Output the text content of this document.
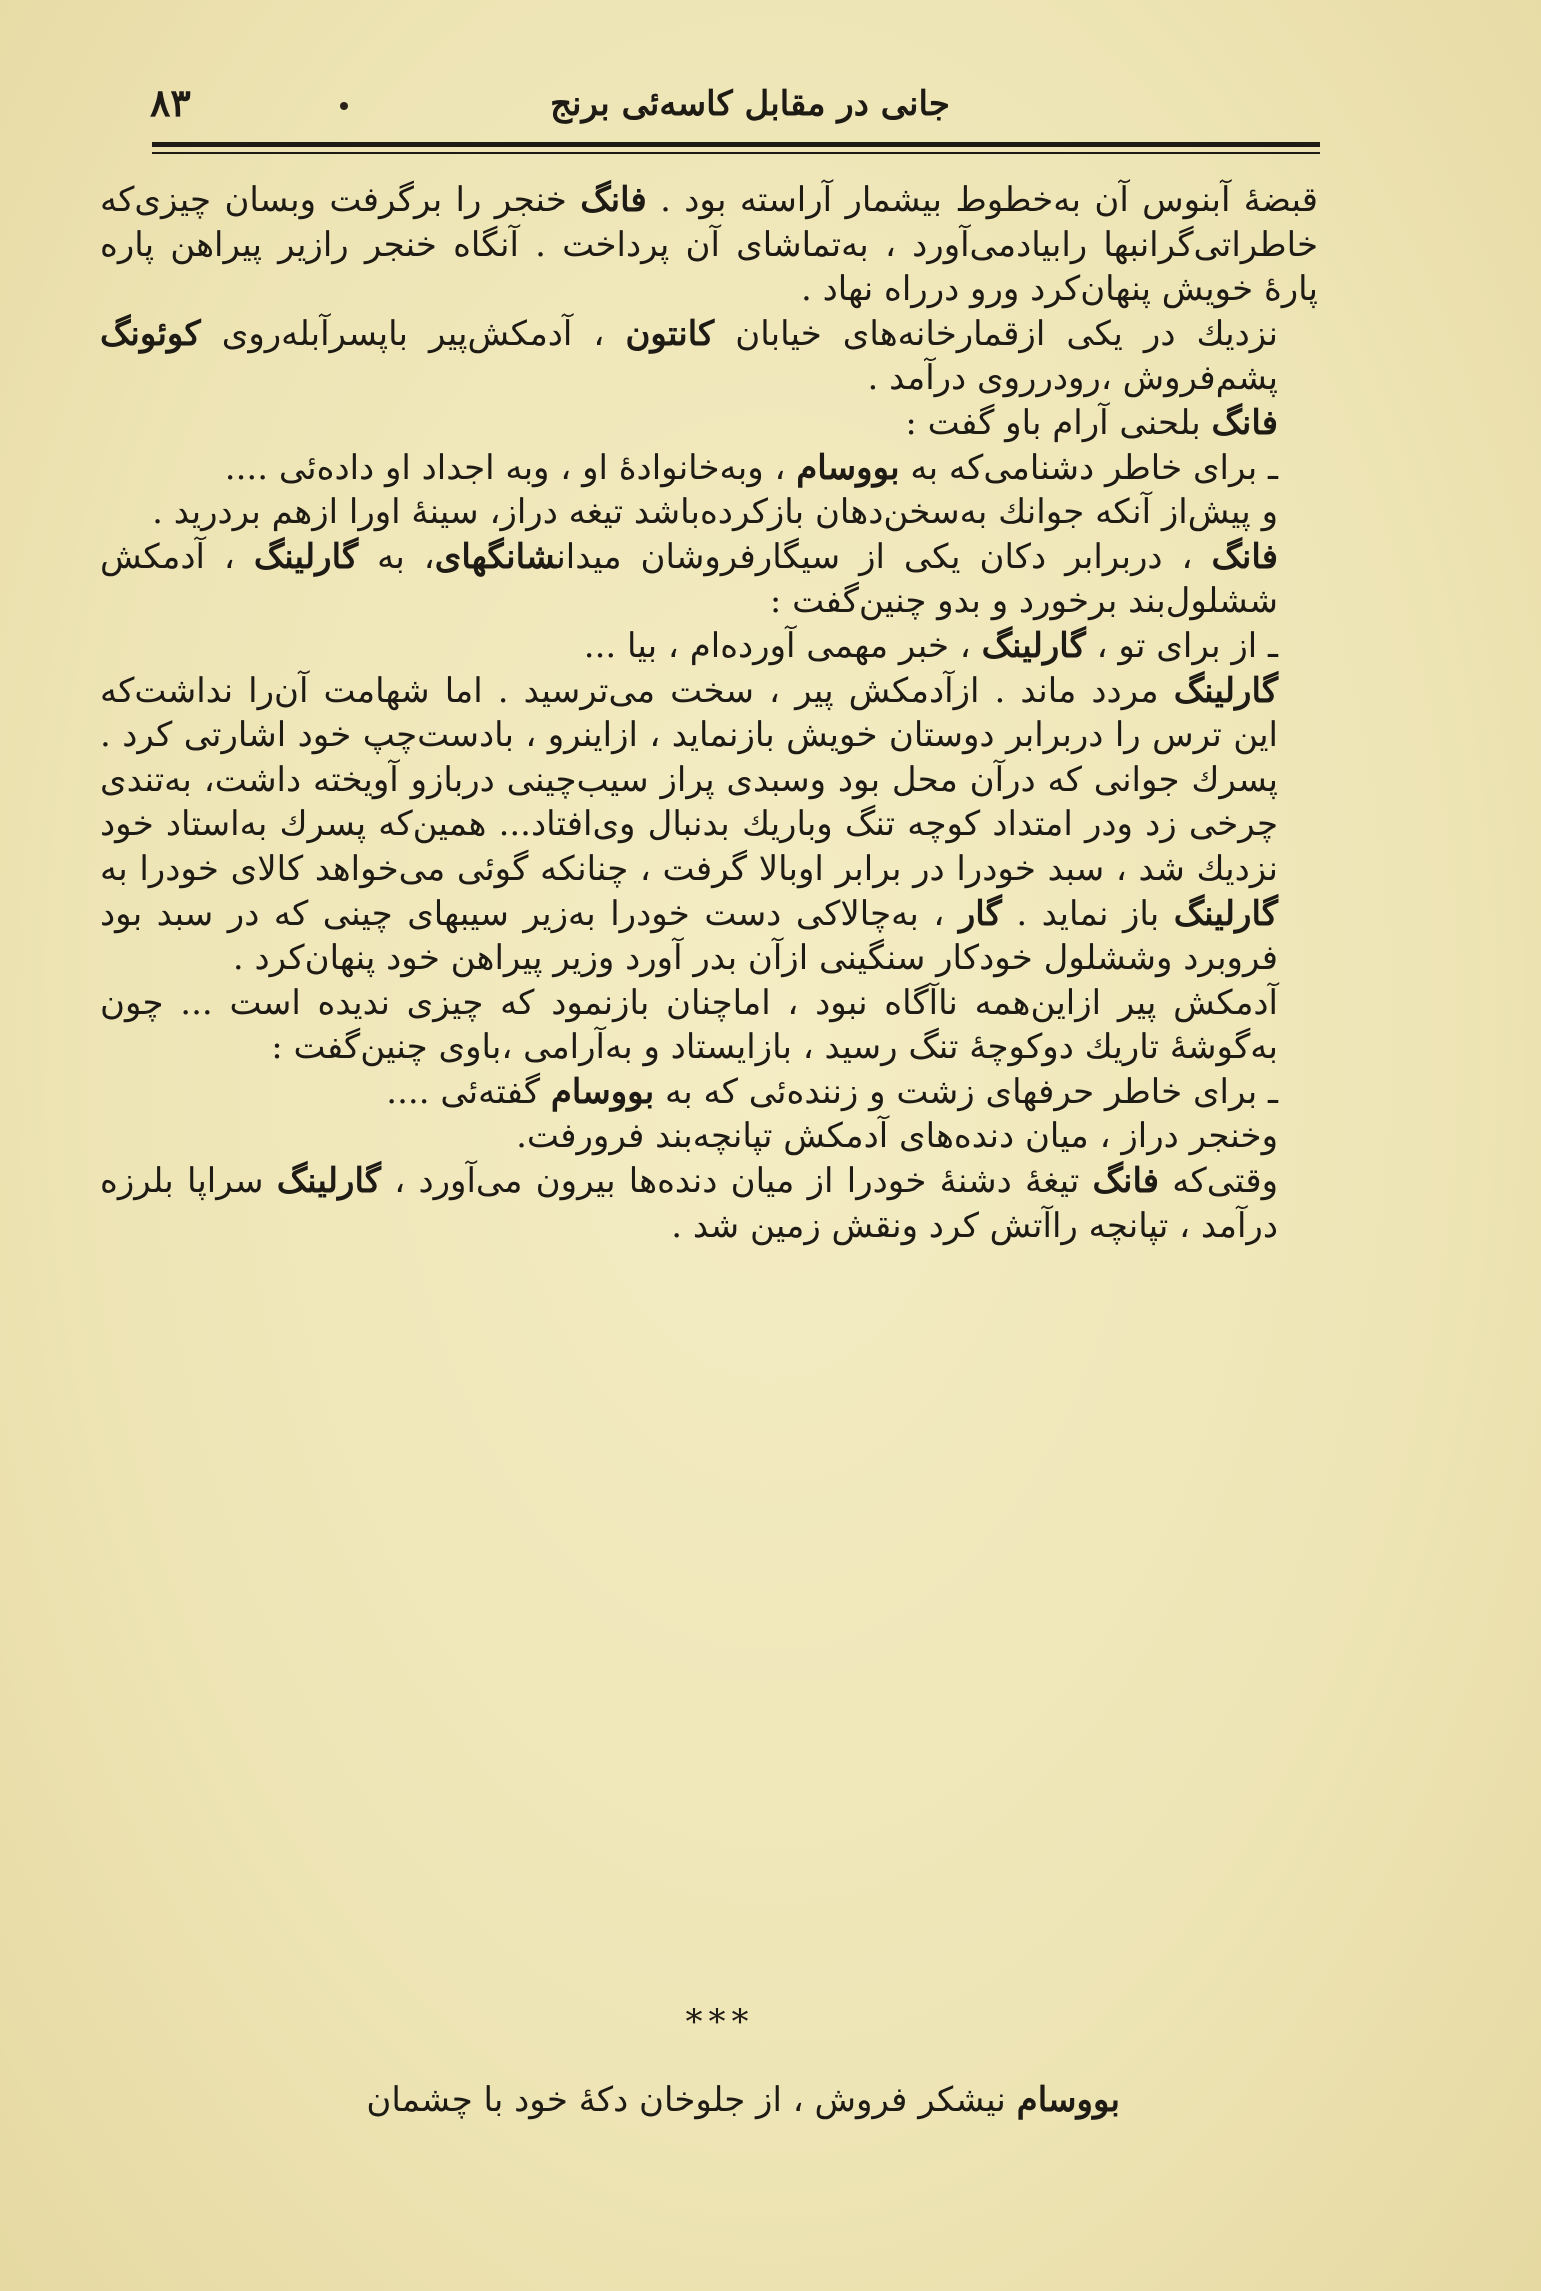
۸۳	جانی در مقابل کاسه‌ئی برنج

قبضهٔ آبنوس آن به‌خطوط بیشمار آراسته بود . فانگ خنجر را برگرفت وبسان چیزی‌که خاطراتی‌گرانبها رابیادمی‌آورد ، به‌تماشای آن پرداخت . آنگاه خنجر رازیر پیراهن پاره پارهٔ خویش پنهان‌کرد ورو درراه نهاد .

نزدیك در یکی ازقمارخانه‌های خیابان کانتون ، آدمکش‌پیر باپسرآبله‌روی کوئونگ پشم‌فروش ،رودرروی درآمد .

فانگ بلحنی آرام باو گفت :

ـ برای خاطر دشنامی‌که به بووسام ، وبه‌خانوادهٔ او ، وبه اجداد او داده‌ئی ....

و پیش‌از آنکه جوانك به‌سخن‌دهان بازکرده‌باشد تیغه دراز، سینهٔ اورا ازهم بردرید .

فانگ ، دربرابر دکان یکی از سیگارفروشان میدانشانگهای، به گارلینگ ، آدمکش ششلول‌بند برخورد و بدو چنین‌گفت :

ـ از برای تو ، گارلینگ ، خبر مهمی آورده‌ام ، بیا ...

گارلینگ مردد ماند . ازآدمکش پیر ، سخت می‌ترسید . اما شهامت آن‌را نداشت‌که این ترس را دربرابر دوستان خویش بازنماید ، ازاینرو ، بادست‌چپ خود اشارتی کرد . پسرك جوانی که درآن محل بود وسبدی پراز سیب‌چینی دربازو آویخته داشت، به‌تندی چرخی زد ودر امتداد کوچه تنگ وباریك بدنبال وی‌افتاد... همین‌که پسرك به‌استاد خود نزدیك شد ، سبد خودرا در برابر اوبالا گرفت ، چنانکه گوئی می‌خواهد کالای خودرا به گارلینگ باز نماید . گار ، به‌چالاکی دست خودرا به‌زیر سیبهای چینی که در سبد بود فروبرد وششلول خودکار سنگینی ازآن بدر آورد وزیر پیراهن خود پنهان‌کرد .

آدمکش پیر ازاین‌همه ناآگاه نبود ، اماچنان بازنمود که چیزی ندیده است ... چون به‌گوشهٔ تاریك دوکوچهٔ تنگ رسید ، بازایستاد و به‌آرامی ،باوی چنین‌گفت :

ـ برای خاطر حرفهای زشت و زننده‌ئی که به بووسام گفته‌ئی ....

وخنجر دراز ، میان دنده‌های آدمکش تپانچه‌بند فرورفت.

وقتی‌که فانگ تیغهٔ دشنهٔ خودرا از میان دنده‌ها بیرون می‌آورد ، گارلینگ سراپا بلرزه درآمد ، تپانچه راآتش کرد ونقش زمین شد .

***
بووسام نیشکر فروش ، از جلوخان دکهٔ خود با چشمان
